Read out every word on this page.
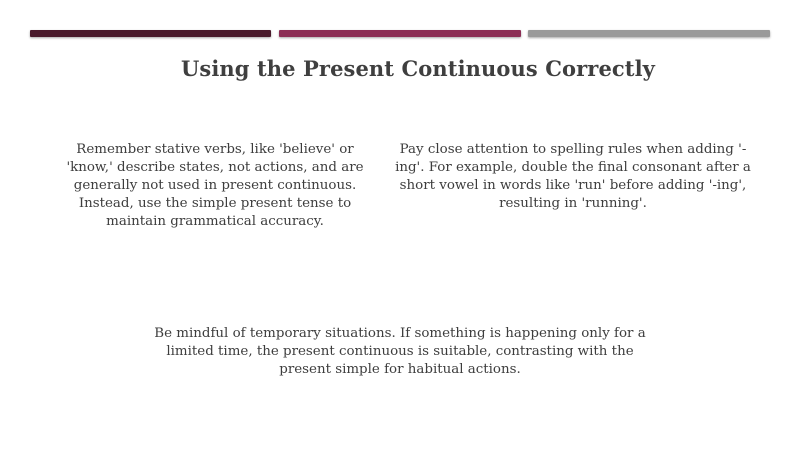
Using the Present Continuous Correctly
Remember stative verbs, like 'believe' or 'know,' describe states, not actions, and are generally not used in present continuous. Instead, use the simple present tense to maintain grammatical accuracy.
Pay close attention to spelling rules when adding '-ing'. For example, double the final consonant after a short vowel in words like 'run' before adding '-ing', resulting in 'running'.
Be mindful of temporary situations. If something is happening only for a limited time, the present continuous is suitable, contrasting with the present simple for habitual actions.
